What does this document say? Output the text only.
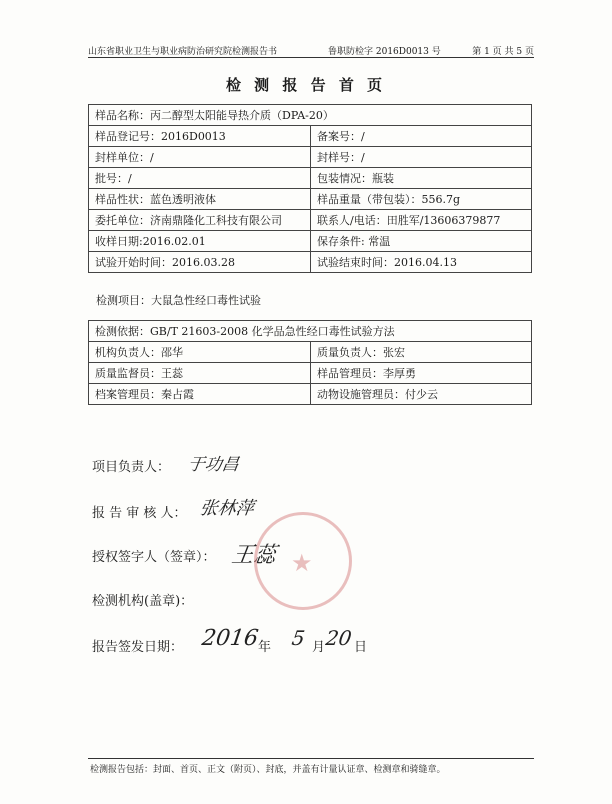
山东省职业卫生与职业病防治研究院检测报告书	鲁职防检字 2016D0013 号	第 1 页 共 5 页
检 测 报 告 首 页
样品名称：丙二醇型太阳能导热介质（DPA-20）	
样品登记号：2016D0013	备案号：/
封样单位：/	封样号：/
批号：/	包装情况：瓶装
样品性状：蓝色透明液体	样品重量（带包装）：556.7g
委托单位：济南鼎隆化工科技有限公司	联系人/电话：田胜军/13606379877
收样日期:2016.02.01	保存条件: 常温
试验开始时间：2016.03.28	试验结束时间：2016.04.13
检测项目：大鼠急性经口毒性试验
检测依据：GB/T 21603-2008 化学品急性经口毒性试验方法	
机构负责人：邵华	质量负责人：张宏
质量监督员：王蕊	样品管理员：李厚勇
档案管理员：秦占霞	动物设施管理员：付少云
项目负责人： 于功昌
报 告 审 核 人： 张林萍
授权签字人（签章）： 王蕊 ★
检测机构(盖章)：
报告签发日期： 2016
年 5 月 20 日
检测报告包括：封面、首页、正文（附页）、封底，并盖有计量认证章、检测章和骑缝章。
